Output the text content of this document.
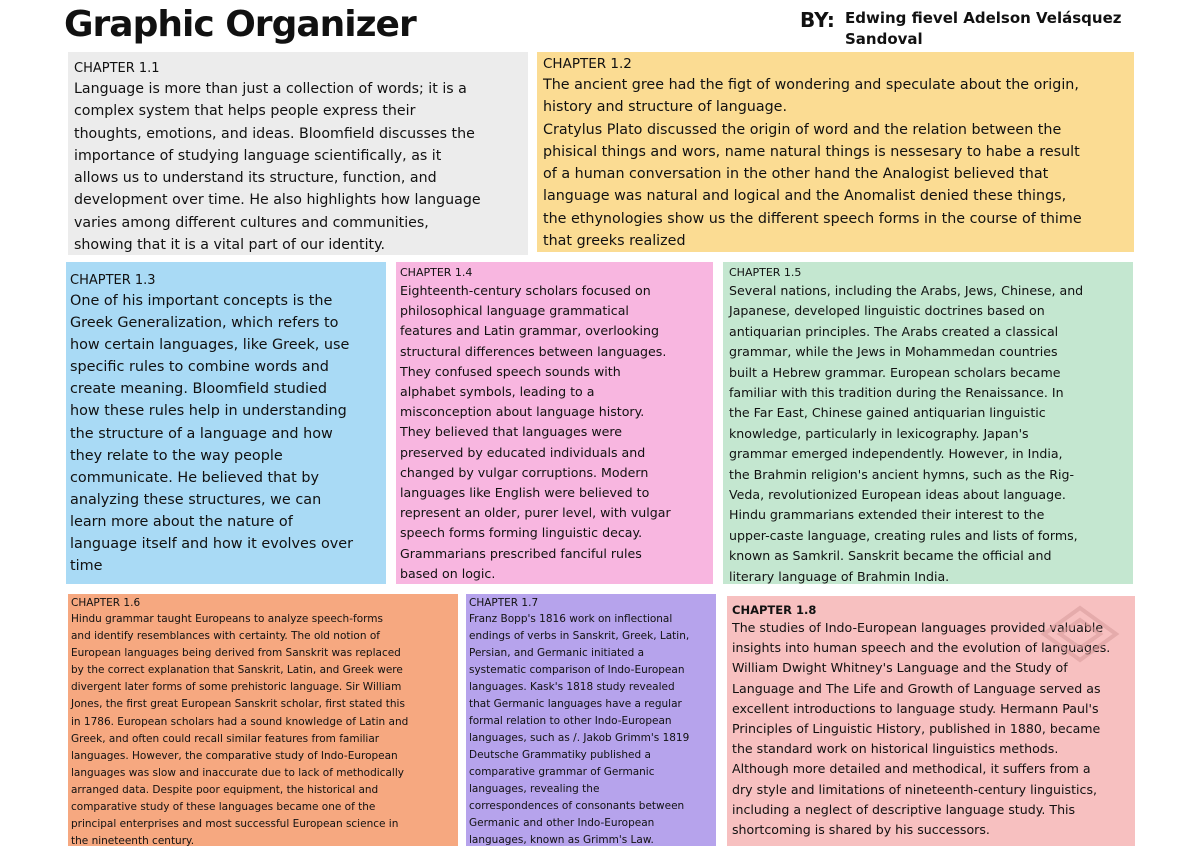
Graphic Organizer	BY: Edwing fievel Adelson Velásquez Sandoval
CHAPTER 1.1
Language is more than just a collection of words; it is a
complex system that helps people express their
thoughts, emotions, and ideas. Bloomfield discusses the
importance of studying language scientifically, as it
allows us to understand its structure, function, and
development over time. He also highlights how language
varies among different cultures and communities,
showing that it is a vital part of our identity.
CHAPTER 1.2
The ancient gree had the figt of wondering and speculate about the origin,
history and structure of language.
Cratylus Plato discussed the origin of word and the relation between the
phisical things and wors, name natural things is nessesary to habe a result
of a human conversation in the other hand the Analogist believed that
language was natural and logical and the Anomalist denied these things,
the ethynologies show us the different speech forms in the course of thime
that greeks realized
CHAPTER 1.3
One of his important concepts is the
Greek Generalization, which refers to
how certain languages, like Greek, use
specific rules to combine words and
create meaning. Bloomfield studied
how these rules help in understanding
the structure of a language and how
they relate to the way people
communicate. He believed that by
analyzing these structures, we can
learn more about the nature of
language itself and how it evolves over
time
CHAPTER 1.4
Eighteenth-century scholars focused on
philosophical language grammatical
features and Latin grammar, overlooking
structural differences between languages.
They confused speech sounds with
alphabet symbols, leading to a
misconception about language history.
They believed that languages were
preserved by educated individuals and
changed by vulgar corruptions. Modern
languages like English were believed to
represent an older, purer level, with vulgar
speech forms forming linguistic decay.
Grammarians prescribed fanciful rules
based on logic.
CHAPTER 1.5
Several nations, including the Arabs, Jews, Chinese, and
Japanese, developed linguistic doctrines based on
antiquarian principles. The Arabs created a classical
grammar, while the Jews in Mohammedan countries
built a Hebrew grammar. European scholars became
familiar with this tradition during the Renaissance. In
the Far East, Chinese gained antiquarian linguistic
knowledge, particularly in lexicography. Japan's
grammar emerged independently. However, in India,
the Brahmin religion's ancient hymns, such as the Rig-
Veda, revolutionized European ideas about language.
Hindu grammarians extended their interest to the
upper-caste language, creating rules and lists of forms,
known as Samkril. Sanskrit became the official and
literary language of Brahmin India.
CHAPTER 1.6
Hindu grammar taught Europeans to analyze speech-forms
and identify resemblances with certainty. The old notion of
European languages being derived from Sanskrit was replaced
by the correct explanation that Sanskrit, Latin, and Greek were
divergent later forms of some prehistoric language. Sir William
Jones, the first great European Sanskrit scholar, first stated this
in 1786. European scholars had a sound knowledge of Latin and
Greek, and often could recall similar features from familiar
languages. However, the comparative study of Indo-European
languages was slow and inaccurate due to lack of methodically
arranged data. Despite poor equipment, the historical and
comparative study of these languages became one of the
principal enterprises and most successful European science in
the nineteenth century.
CHAPTER 1.7
Franz Bopp's 1816 work on inflectional
endings of verbs in Sanskrit, Greek, Latin,
Persian, and Germanic initiated a
systematic comparison of Indo-European
languages. Kask's 1818 study revealed
that Germanic languages have a regular
formal relation to other Indo-European
languages, such as /. Jakob Grimm's 1819
Deutsche Grammatiky published a
comparative grammar of Germanic
languages, revealing the
correspondences of consonants between
Germanic and other Indo-European
languages, known as Grimm's Law.
CHAPTER 1.8
The studies of Indo-European languages provided valuable
insights into human speech and the evolution of languages.
William Dwight Whitney's Language and the Study of
Language and The Life and Growth of Language served as
excellent introductions to language study. Hermann Paul's
Principles of Linguistic History, published in 1880, became
the standard work on historical linguistics methods.
Although more detailed and methodical, it suffers from a
dry style and limitations of nineteenth-century linguistics,
including a neglect of descriptive language study. This
shortcoming is shared by his successors.
